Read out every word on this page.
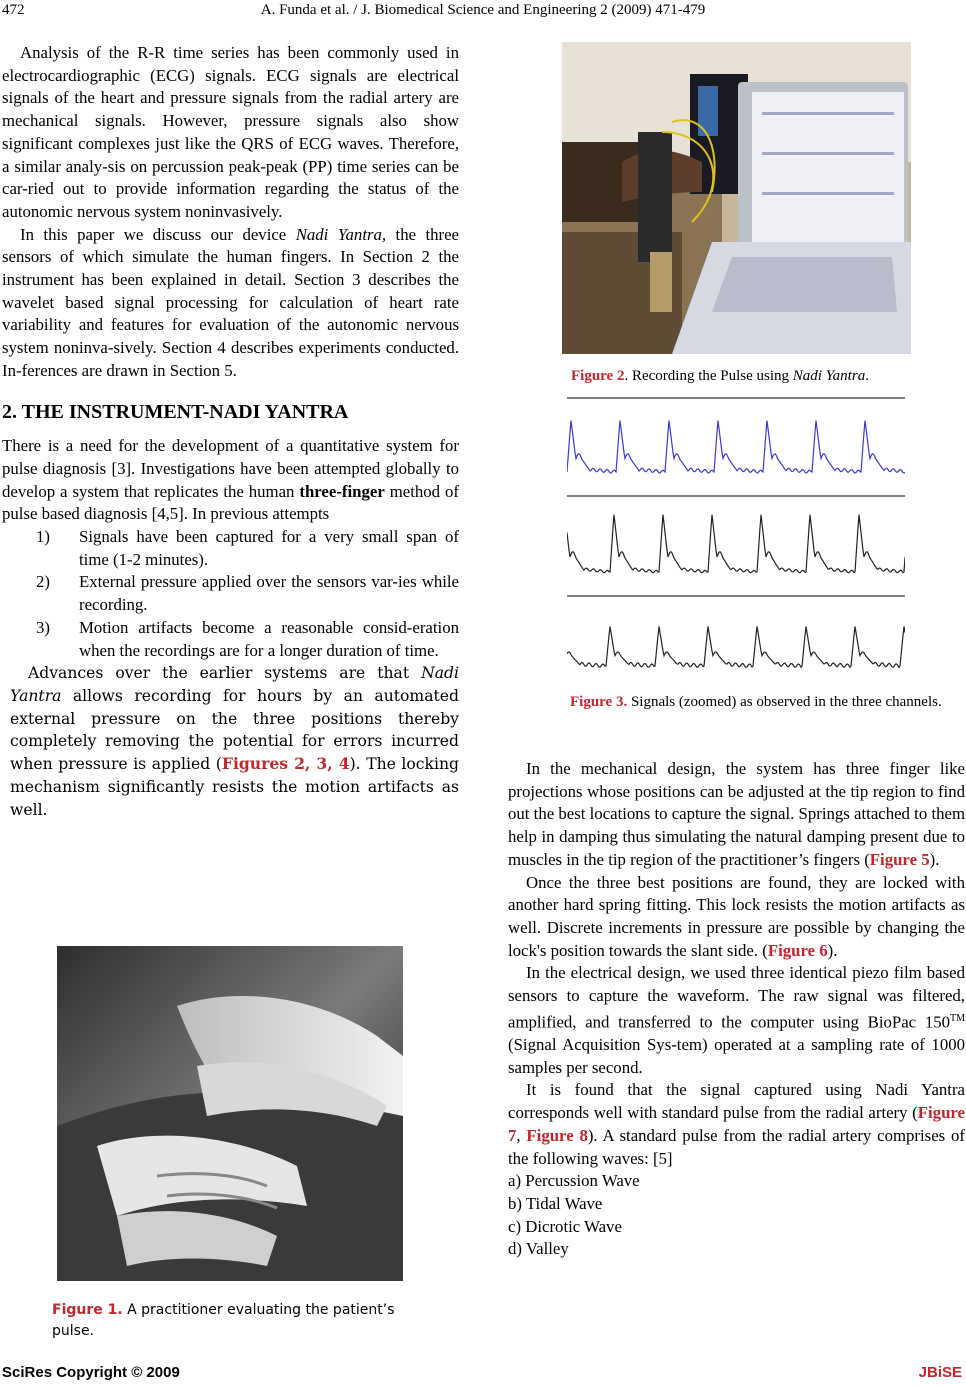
472	A. Funda et al. / J. Biomedical Science and Engineering 2 (2009) 471-479

Analysis of the R-R time series has been commonly used in electrocardiographic (ECG) signals. ECG signals are electrical signals of the heart and pressure signals from the radial artery are mechanical signals. However, pressure signals also show significant complexes just like the QRS of ECG waves. Therefore, a similar analy-sis on percussion peak-peak (PP) time series can be car-ried out to provide information regarding the status of the autonomic nervous system noninvasively.

In this paper we discuss our device Nadi Yantra, the three sensors of which simulate the human fingers. In Section 2 the instrument has been explained in detail. Section 3 describes the wavelet based signal processing for calculation of heart rate variability and features for evaluation of the autonomic nervous system noninva-sively. Section 4 describes experiments conducted. In-ferences are drawn in Section 5.

2. THE INSTRUMENT-NADI YANTRA

There is a need for the development of a quantitative system for pulse diagnosis [3]. Investigations have been attempted globally to develop a system that replicates the human three-finger method of pulse based diagnosis [4,5]. In previous attempts

1) Signals have been captured for a very small span of time (1-2 minutes).
2) External pressure applied over the sensors var-ies while recording.
3) Motion artifacts become a reasonable consid-eration when the recordings are for a longer duration of time.

Advances over the earlier systems are that Nadi Yantra allows recording for hours by an automated external pressure on the three positions thereby completely removing the potential for errors incurred when pressure is applied (Figures 2, 3, 4). The locking mechanism significantly resists the motion artifacts as well.

Figure 1. A practitioner evaluating the patient’s pulse.
Figure 2. Recording the Pulse using Nadi Yantra.
Figure 3. Signals (zoomed) as observed in the three channels.

In the mechanical design, the system has three finger like projections whose positions can be adjusted at the tip region to find out the best locations to capture the signal. Springs attached to them help in damping thus simulating the natural damping present due to muscles in the tip region of the practitioner’s fingers (Figure 5).

Once the three best positions are found, they are locked with another hard spring fitting. This lock resists the motion artifacts as well. Discrete increments in pressure are possible by changing the lock's position towards the slant side. (Figure 6).

In the electrical design, we used three identical piezo film based sensors to capture the waveform. The raw signal was filtered, amplified, and transferred to the computer using BioPac 150™ (Signal Acquisition Sys-tem) operated at a sampling rate of 1000 samples per second.

It is found that the signal captured using Nadi Yantra corresponds well with standard pulse from the radial artery (Figure 7, Figure 8). A standard pulse from the radial artery comprises of the following waves: [5]

a) Percussion Wave
b) Tidal Wave
c) Dicrotic Wave
d) Valley
SciRes Copyright © 2009	JBiSE
